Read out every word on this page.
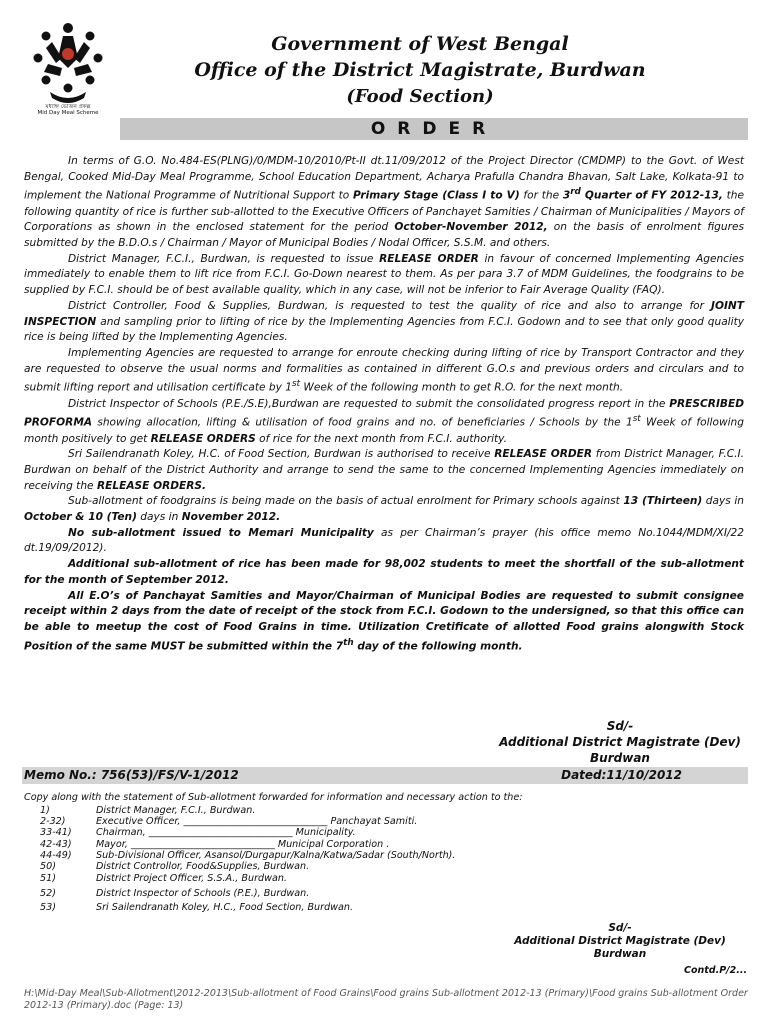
মধ্যাহ্ন ভোজন প্রকল্প
Mid Day Meal Scheme
Government of West Bengal
Office of the District Magistrate, Burdwan
(Food Section)
ORDER

In terms of G.O. No.484-ES(PLNG)/0/MDM-10/2010/Pt-II dt.11/09/2012 of the Project Director (CMDMP) to the Govt. of West Bengal, Cooked Mid-Day Meal Programme, School Education Department, Acharya Prafulla Chandra Bhavan, Salt Lake, Kolkata-91 to implement the National Programme of Nutritional Support to Primary Stage (Class I to V) for the 3rd Quarter of FY 2012-13, the following quantity of rice is further sub-allotted to the Executive Officers of Panchayet Samities / Chairman of Municipalities / Mayors of Corporations as shown in the enclosed statement for the period October-November 2012, on the basis of enrolment figures submitted by the B.D.O.s / Chairman / Mayor of Municipal Bodies / Nodal Officer, S.S.M. and others.

District Manager, F.C.I., Burdwan, is requested to issue RELEASE ORDER in favour of concerned Implementing Agencies immediately to enable them to lift rice from F.C.I. Go-Down nearest to them. As per para 3.7 of MDM Guidelines, the foodgrains to be supplied by F.C.I. should be of best available quality, which in any case, will not be inferior to Fair Average Quality (FAQ).

District Controller, Food & Supplies, Burdwan, is requested to test the quality of rice and also to arrange for JOINT INSPECTION and sampling prior to lifting of rice by the Implementing Agencies from F.C.I. Godown and to see that only good quality rice is being lifted by the Implementing Agencies.

Implementing Agencies are requested to arrange for enroute checking during lifting of rice by Transport Contractor and they are requested to observe the usual norms and formalities as contained in different G.O.s and previous orders and circulars and to submit lifting report and utilisation certificate by 1st Week of the following month to get R.O. for the next month.

District Inspector of Schools (P.E./S.E),Burdwan are requested to submit the consolidated progress report in the PRESCRIBED PROFORMA showing allocation, lifting & utilisation of food grains and no. of beneficiaries / Schools by the 1st Week of following month positively to get RELEASE ORDERS of rice for the next month from F.C.I. authority.

Sri Sailendranath Koley, H.C. of Food Section, Burdwan is authorised to receive RELEASE ORDER from District Manager, F.C.I. Burdwan on behalf of the District Authority and arrange to send the same to the concerned Implementing Agencies immediately on receiving the RELEASE ORDERS.

Sub-allotment of foodgrains is being made on the basis of actual enrolment for Primary schools against 13 (Thirteen) days in October & 10 (Ten) days in November 2012.

No sub-allotment issued to Memari Municipality as per Chairman’s prayer (his office memo No.1044/MDM/XI/22 dt.19/09/2012).

Additional sub-allotment of rice has been made for 98,002 students to meet the shortfall of the sub-allotment for the month of September 2012.

All E.O’s of Panchayat Samities and Mayor/Chairman of Municipal Bodies are requested to submit consignee receipt within 2 days from the date of receipt of the stock from F.C.I. Godown to the undersigned, so that this office can be able to meetup the cost of Food Grains in time. Utilization Cretificate of allotted Food grains alongwith Stock Position of the same MUST be submitted within the 7th day of the following month.

Sd/-
Additional District Magistrate (Dev)
Burdwan
Memo No.: 756(53)/FS/V-1/2012	Dated:11/10/2012
Copy along with the statement of Sub-allotment forwarded for information and necessary action to the:
1)	District Manager, F.C.I., Burdwan.
2-32)	Executive Officer, ______________________________ Panchayat Samiti.
33-41)	Chairman, ______________________________ Municipality.
42-43)	Mayor, ______________________________ Municipal Corporation .
44-49)	Sub-Divisional Officer, Asansol/Durgapur/Kalna/Katwa/Sadar (South/North).
50)	District Controllor, Food&Supplies, Burdwan.
51)	District Project Officer, S.S.A., Burdwan.
52)	District Inspector of Schools (P.E.), Burdwan.
53)	Sri Sailendranath Koley, H.C., Food Section, Burdwan.
Sd/-
Additional District Magistrate (Dev)
Burdwan
Contd.P/2...
H:\Mid-Day Meal\Sub-Allotment\2012-2013\Sub-allotment of Food Grains\Food grains Sub-allotment 2012-13 (Primary)\Food grains Sub-allotment Order 2012-13 (Primary).doc (Page: 13)
